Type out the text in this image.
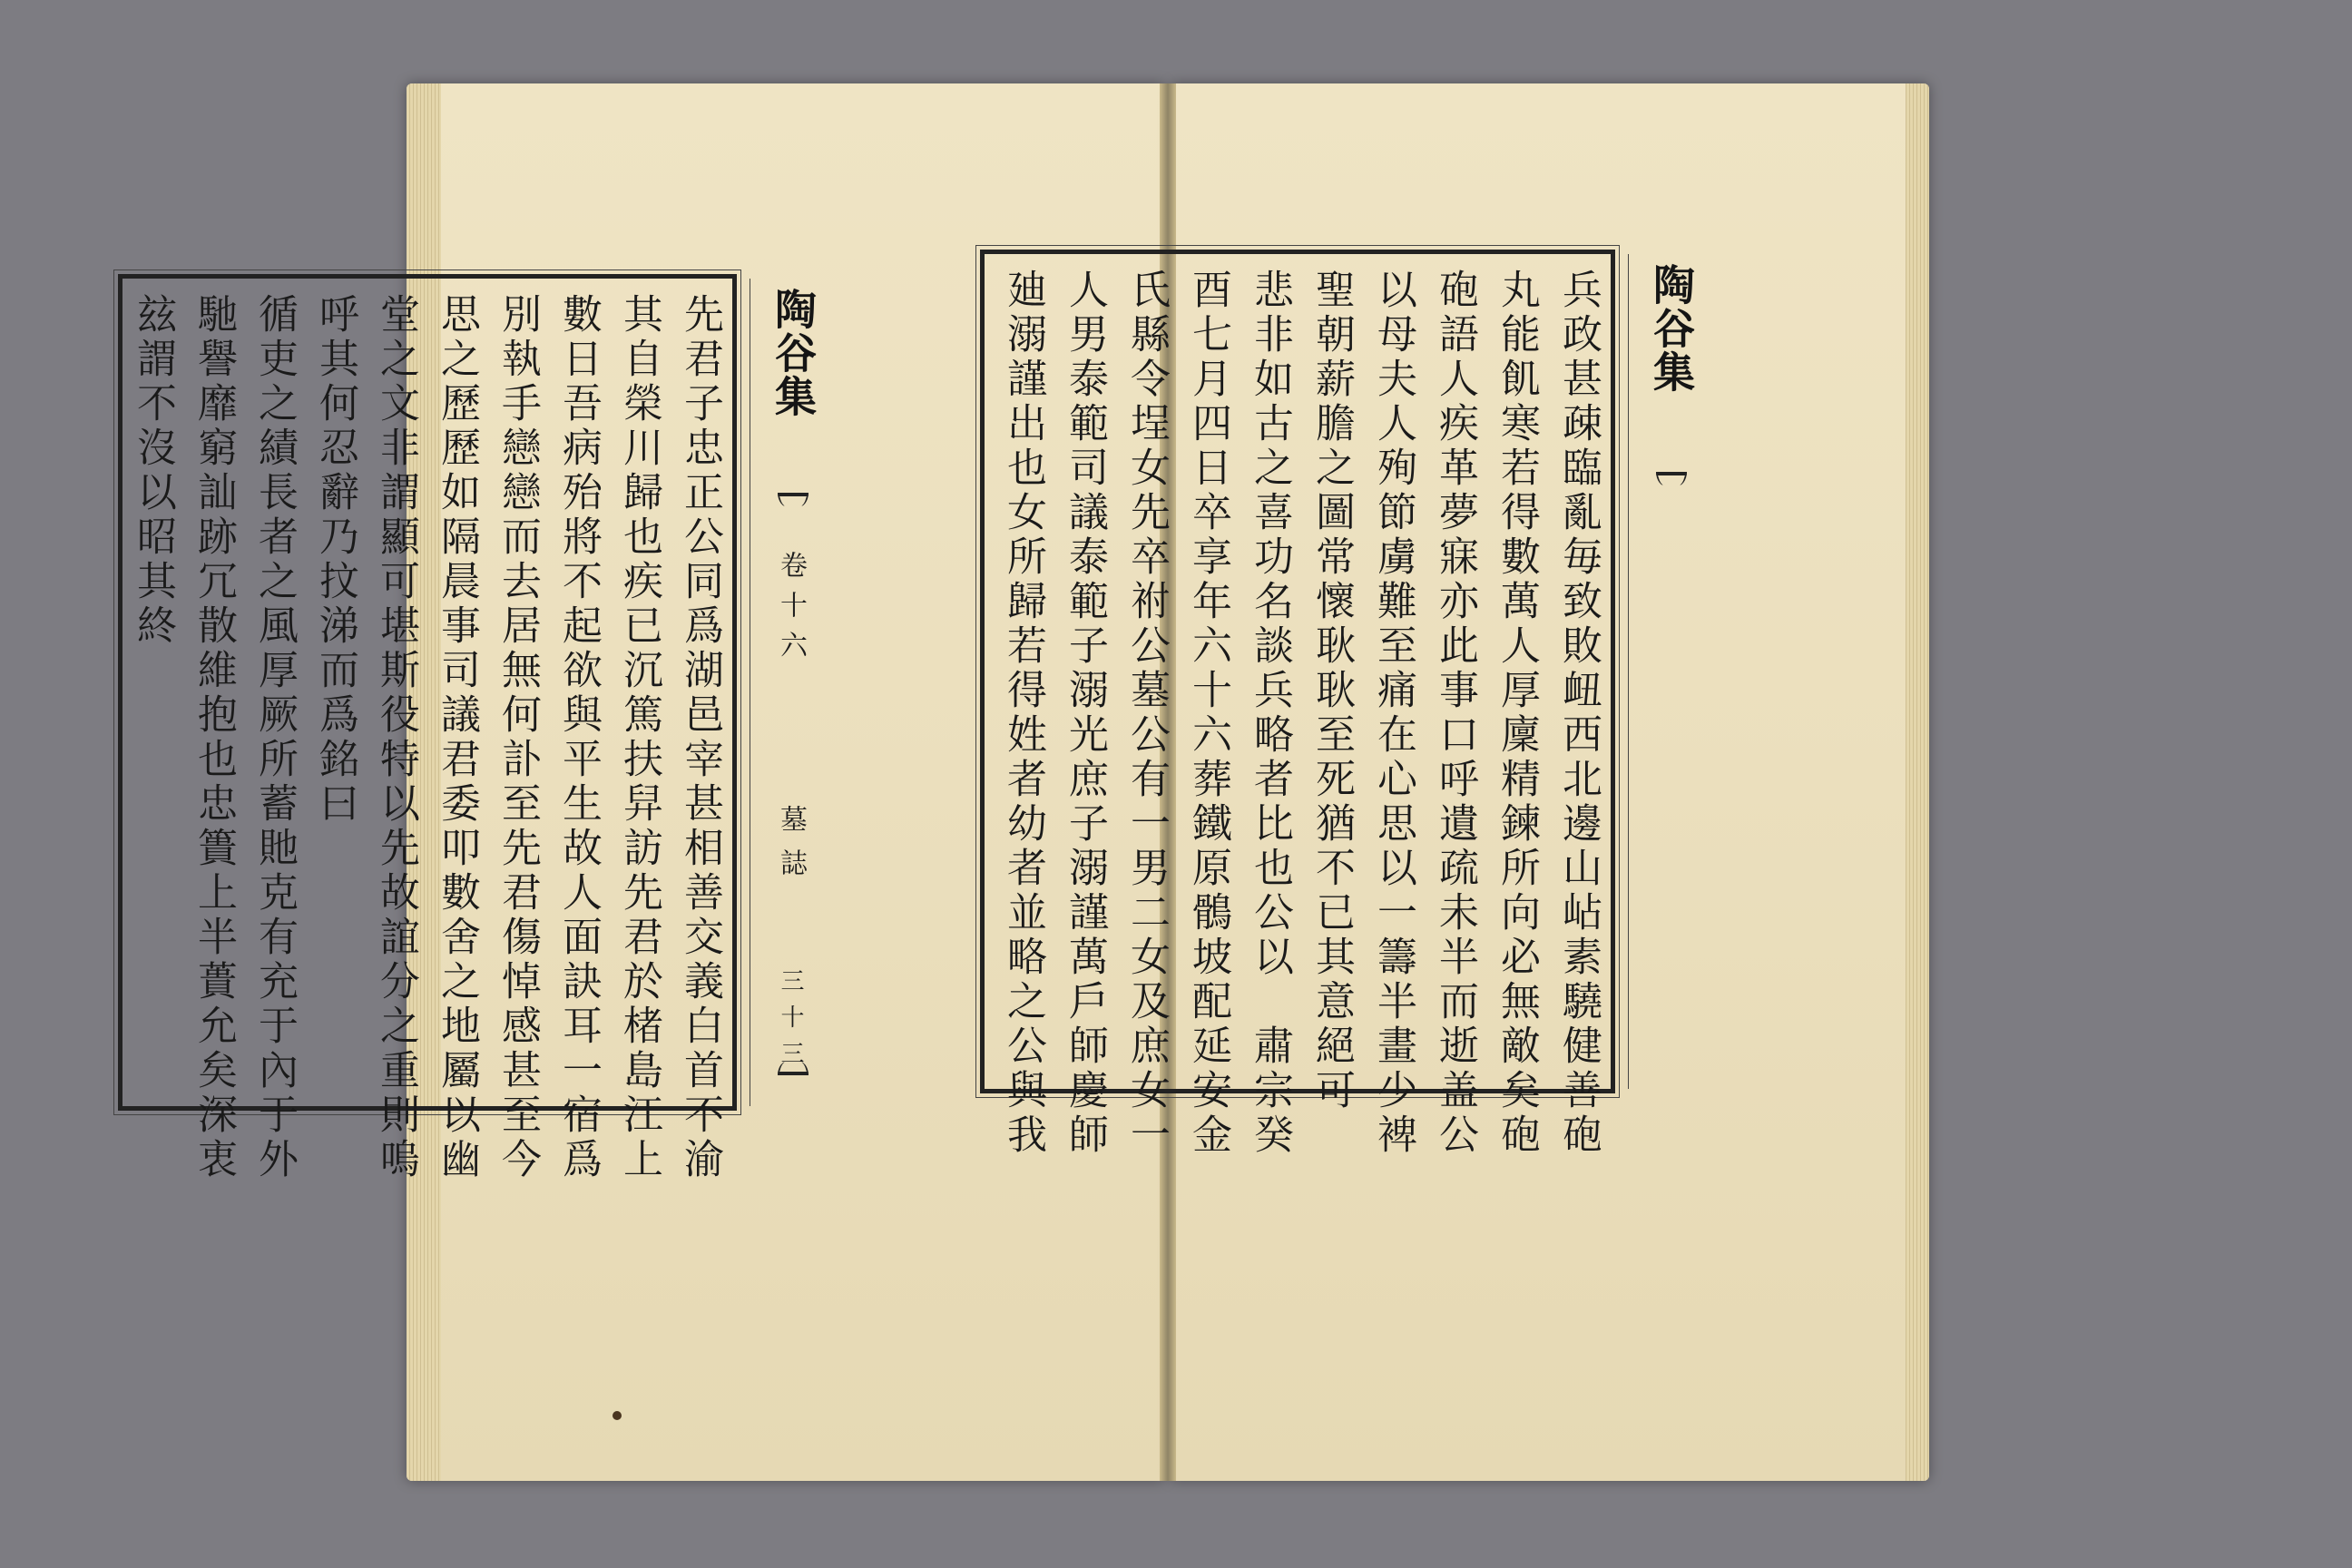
陶谷集
卷十六
墓誌
三十三
先君子忠正公同爲湖邑宰甚相善交義白首不渝
其自榮川歸也疾已沉篤扶舁訪先君於楮島江上
數日吾病殆將不起欲與平生故人面訣耳一宿爲
別執手戀戀而去居無何訃至先君傷悼感甚至今
思之歷歷如隔晨事司議君委叩數舍之地屬以幽
堂之文非謂顯可堪斯役特以先故誼分之重則嗚
呼其何忍辭乃抆涕而爲銘曰
循吏之績長者之風厚厥所蓄貤克有充于內于外
馳譽靡窮訕跡冗散維抱也忠簣上半蕢允矣深衷
玆謂不沒以昭其終	陶谷集
兵政甚疎臨亂毎致敗衄西北邊山岾素驍健善砲
丸能飢寒若得數萬人厚廩精鍊所向必無敵矣砲
砲語人疾革夢寐亦此事口呼遺疏未半而逝盖公
以母夫人殉節虜難至痛在心思以一籌半畫少裨
聖朝薪膽之圖常懷耿耿至死猶不已其意絕可
悲非如古之喜功名談兵略者比也公以　肅宗癸
酉七月四日卒享年六十六葬鐵原鶻坡配延安金
氏縣令埕女先卒祔公墓公有一男二女及庶女一
人男泰範司議泰範子溺光庶子溺謹萬戶師慶師
廸溺謹出也女所歸若得姓者幼者並略之公與我
